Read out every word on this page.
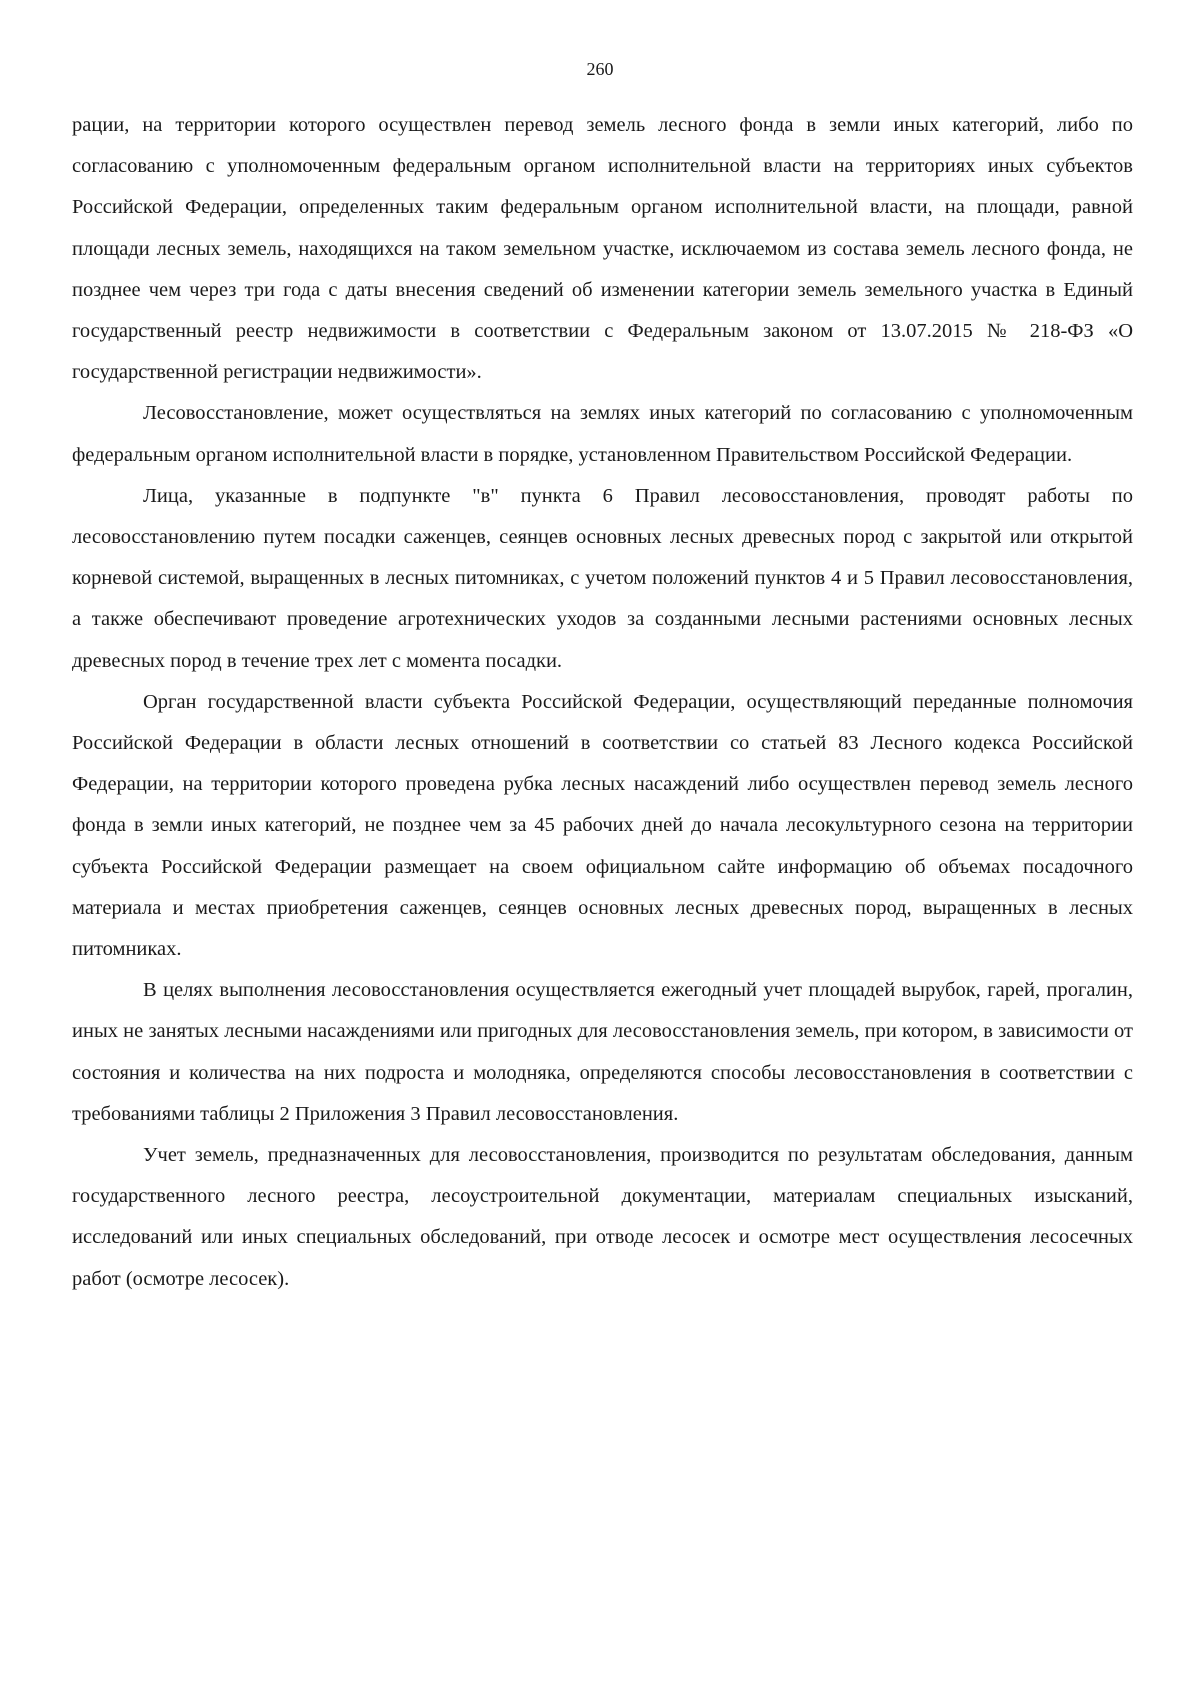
260

рации, на территории которого осуществлен перевод земель лесного фонда в земли иных категорий, либо по согласованию с уполномоченным федеральным органом исполнительной власти на территориях иных субъектов Российской Федерации, определенных таким федеральным органом исполнительной власти, на площади, равной площади лесных земель, находящихся на таком земельном участке, исключаемом из состава земель лесного фонда, не позднее чем через три года с даты внесения сведений об изменении категории земель земельного участка в Единый государственный реестр недвижимости в соответствии с Федеральным законом от 13.07.2015 № 218-ФЗ «О государственной регистрации недвижимости».

Лесовосстановление, может осуществляться на землях иных категорий по согласованию с уполномоченным федеральным органом исполнительной власти в порядке, установленном Правительством Российской Федерации.

Лица, указанные в подпункте "в" пункта 6 Правил лесовосстановления, проводят работы по лесовосстановлению путем посадки саженцев, сеянцев основных лесных древесных пород с закрытой или открытой корневой системой, выращенных в лесных питомниках, с учетом положений пунктов 4 и 5 Правил лесовосстановления, а также обеспечивают проведение агротехнических уходов за созданными лесными растениями основных лесных древесных пород в течение трех лет с момента посадки.

Орган государственной власти субъекта Российской Федерации, осуществляющий переданные полномочия Российской Федерации в области лесных отношений в соответствии со статьей 83 Лесного кодекса Российской Федерации, на территории которого проведена рубка лесных насаждений либо осуществлен перевод земель лесного фонда в земли иных категорий, не позднее чем за 45 рабочих дней до начала лесокультурного сезона на территории субъекта Российской Федерации размещает на своем официальном сайте информацию об объемах посадочного материала и местах приобретения саженцев, сеянцев основных лесных древесных пород, выращенных в лесных питомниках.

В целях выполнения лесовосстановления осуществляется ежегодный учет площадей вырубок, гарей, прогалин, иных не занятых лесными насаждениями или пригодных для лесовосстановления земель, при котором, в зависимости от состояния и количества на них подроста и молодняка, определяются способы лесовосстановления в соответствии с требованиями таблицы 2 Приложения 3 Правил лесовосстановления.

Учет земель, предназначенных для лесовосстановления, производится по результатам обследования, данным государственного лесного реестра, лесоустроительной документации, материалам специальных изысканий, исследований или иных специальных обследований, при отводе лесосек и осмотре мест осуществления лесосечных работ (осмотре лесосек).
